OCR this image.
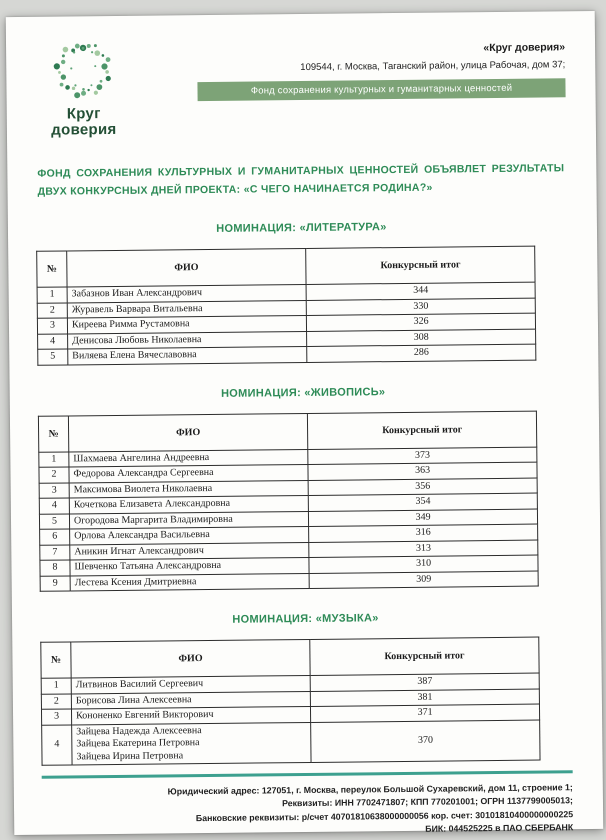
Круг
доверия
«Круг доверия»
109544, г. Москва, Таганский район, улица Рабочая, дом 37;
Фонд сохранения культурных и гуманитарных ценностей

ФОНД СОХРАНЕНИЯ КУЛЬТУРНЫХ И ГУМАНИТАРНЫХ ЦЕННОСТЕЙ ОБЪЯВЛЕТ РЕЗУЛЬТАТЫ ДВУХ КОНКУРСНЫХ ДНЕЙ ПРОЕКТА: «С ЧЕГО НАЧИНАЕТСЯ РОДИНА?»

НОМИНАЦИЯ: «ЛИТЕРАТУРА»
№	ФИО	Конкурсный итог
1	Забазнов Иван Александрович	344
2	Журавель Варвара Витальевна	330
3	Киреева Римма Рустамовна	326
4	Денисова Любовь Николаевна	308
5	Виляева Елена Вячеславовна	286
НОМИНАЦИЯ: «ЖИВОПИСЬ»
№	ФИО	Конкурсный итог
1	Шахмаева Ангелина Андреевна	373
2	Федорова Александра Сергеевна	363
3	Максимова Виолета Николаевна	356
4	Кочеткова Елизавета Александровна	354
5	Огородова Маргарита Владимировна	349
6	Орлова Александра Васильевна	316
7	Аникин Игнат Александрович	313
8	Шевченко Татьяна Александровна	310
9	Лестева Ксения Дмитриевна	309
НОМИНАЦИЯ: «МУЗЫКА»
№	ФИО	Конкурсный итог
1	Литвинов Василий Сергеевич	387
2	Борисова Лина Алексеевна	381
3	Кононенко Евгений Викторович	371
4	Зайцева Надежда Алексеевна
Зайцева Екатерина Петровна
Зайцева Ирина Петровна	370
Юридический адрес: 127051, г. Москва, переулок Большой Сухаревский, дом 11, строение 1;
Реквизиты: ИНН 7702471807; КПП 770201001; ОГРН 1137799005013;
Банковские реквизиты: р/счет 40701810638000000056 кор. счет: 30101810400000000225
БИК: 044525225 в ПАО СБЕРБАНК
